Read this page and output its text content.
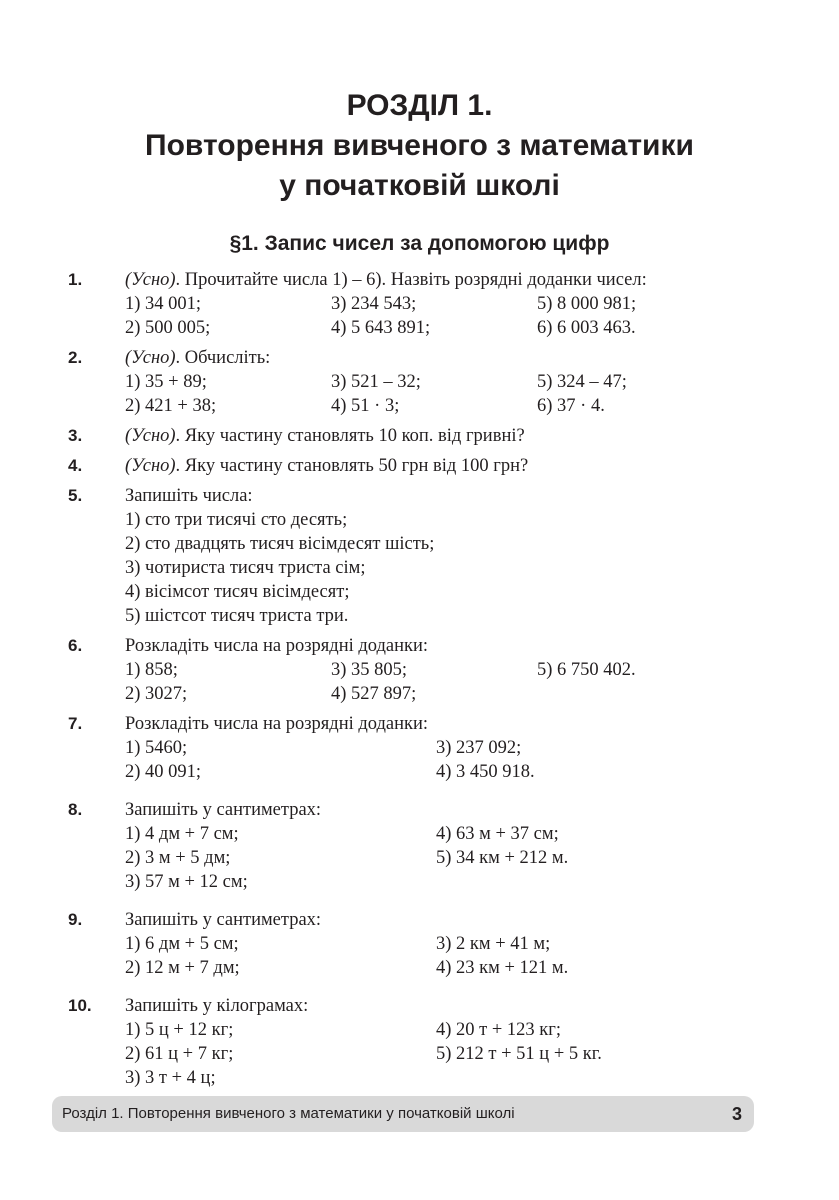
РОЗДІЛ 1.
Повторення вивченого з математики
у початковій школі
§1. Запис чисел за допомогою цифр
1.	(Усно). Прочитайте числа 1) – 6). Назвіть розрядні доданки чисел:
1) 34 001;	3) 234 543;	5) 8 000 981;
2) 500 005;	4) 5 643 891;	6) 6 003 463.
2.	(Усно). Обчисліть:
1) 35 + 89;	3) 521 – 32;	5) 324 – 47;
2) 421 + 38;	4) 51 · 3;	6) 37 · 4.
3.	(Усно). Яку частину становлять 10 коп. від гривні?
4.	(Усно). Яку частину становлять 50 грн від 100 грн?
5.	Запишіть числа:
1) сто три тисячі сто десять;
2) сто двадцять тисяч вісімдесят шість;
3) чотириста тисяч триста сім;
4) вісімсот тисяч вісімдесят;
5) шістсот тисяч триста три.
6.	Розкладіть числа на розрядні доданки:
1) 858;	3) 35 805;	5) 6 750 402.
2) 3027;	4) 527 897;
7.	Розкладіть числа на розрядні доданки:
1) 5460;	3) 237 092;
2) 40 091;	4) 3 450 918.
8.	Запишіть у сантиметрах:
1) 4 дм + 7 см;	4) 63 м + 37 см;
2) 3 м + 5 дм;	5) 34 км + 212 м.
3) 57 м + 12 см;
9.	Запишіть у сантиметрах:
1) 6 дм + 5 см;	3) 2 км + 41 м;
2) 12 м + 7 дм;	4) 23 км + 121 м.
10.	Запишіть у кілограмах:
1) 5 ц + 12 кг;	4) 20 т + 123 кг;
2) 61 ц + 7 кг;	5) 212 т + 51 ц + 5 кг.
3) 3 т + 4 ц;
Розділ 1. Повторення вивченого з математики у початковій школі	3
